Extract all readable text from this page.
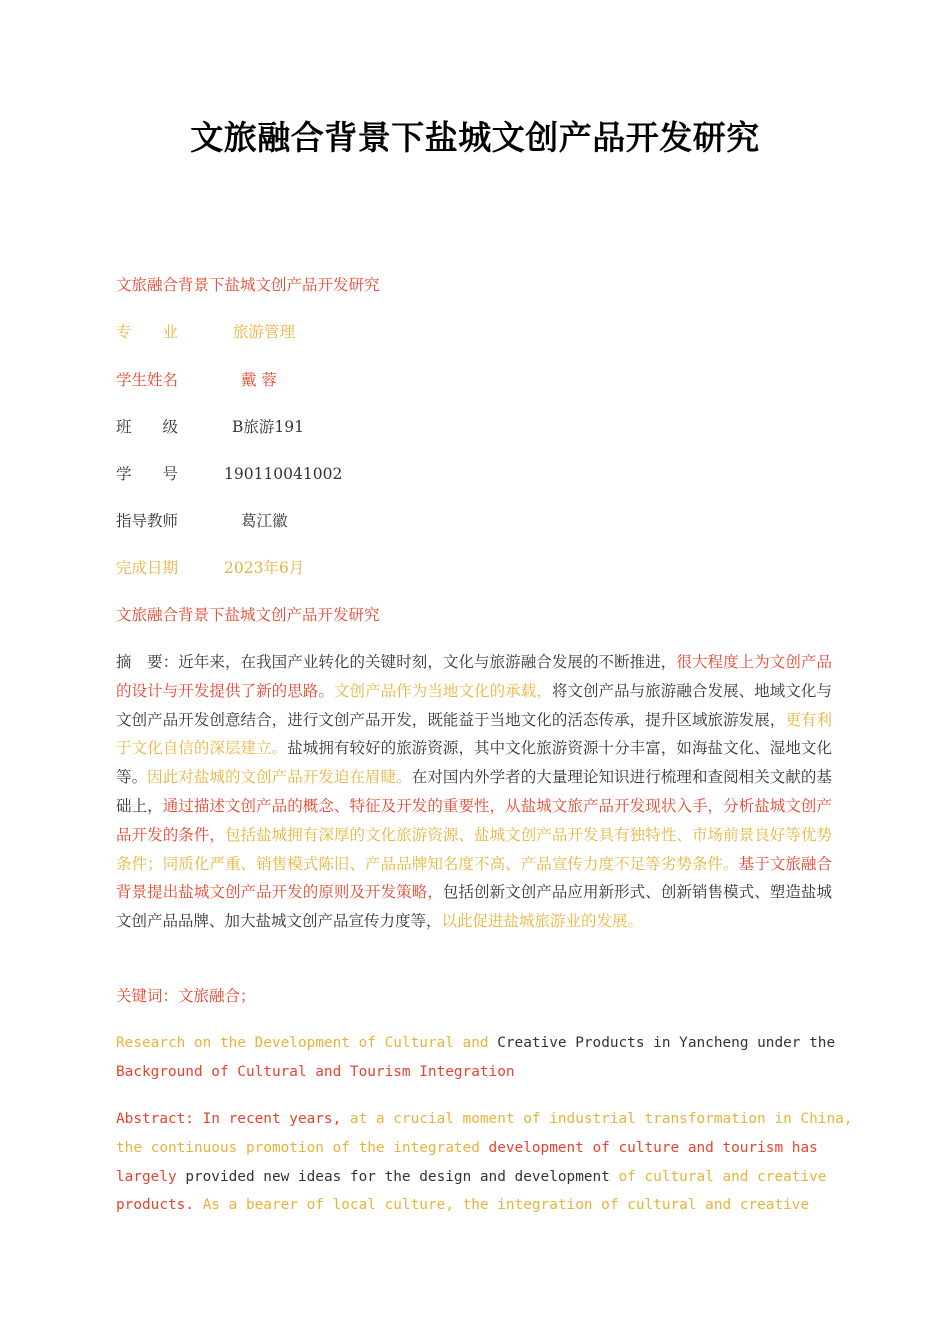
文旅融合背景下盐城文创产品开发研究
文旅融合背景下盐城文创产品开发研究
专　　业	旅游管理
学生姓名	戴 蓉
班　　级	B旅游191
学　　号	190110041002
指导教师	葛江徽
完成日期	2023年6月
文旅融合背景下盐城文创产品开发研究
摘　要：近年来，在我国产业转化的关键时刻，文化与旅游融合发展的不断推进，很大程度上为文创产品的设计与开发提供了新的思路。文创产品作为当地文化的承载，将文创产品与旅游融合发展、地域文化与文创产品开发创意结合，进行文创产品开发，既能益于当地文化的活态传承，提升区域旅游发展，更有利于文化自信的深层建立。盐城拥有较好的旅游资源，其中文化旅游资源十分丰富，如海盐文化、湿地文化等。因此对盐城的文创产品开发迫在眉睫。在对国内外学者的大量理论知识进行梳理和查阅相关文献的基础上，通过描述文创产品的概念、特征及开发的重要性，从盐城文旅产品开发现状入手，分析盐城文创产品开发的条件，包括盐城拥有深厚的文化旅游资源、盐城文创产品开发具有独特性、市场前景良好等优势条件；同质化严重、销售模式陈旧、产品品牌知名度不高、产品宣传力度不足等劣势条件。基于文旅融合背景提出盐城文创产品开发的原则及开发策略，包括创新文创产品应用新形式、创新销售模式、塑造盐城文创产品品牌、加大盐城文创产品宣传力度等，以此促进盐城旅游业的发展。
关键词：文旅融合；
Research on the Development of Cultural and Creative Products in Yancheng under the
Background of Cultural and Tourism Integration
Abstract: In recent years, at a crucial moment of industrial transformation in China,
the continuous promotion of the integrated development of culture and tourism has
largely provided new ideas for the design and development of cultural and creative
products. As a bearer of local culture, the integration of cultural and creative
